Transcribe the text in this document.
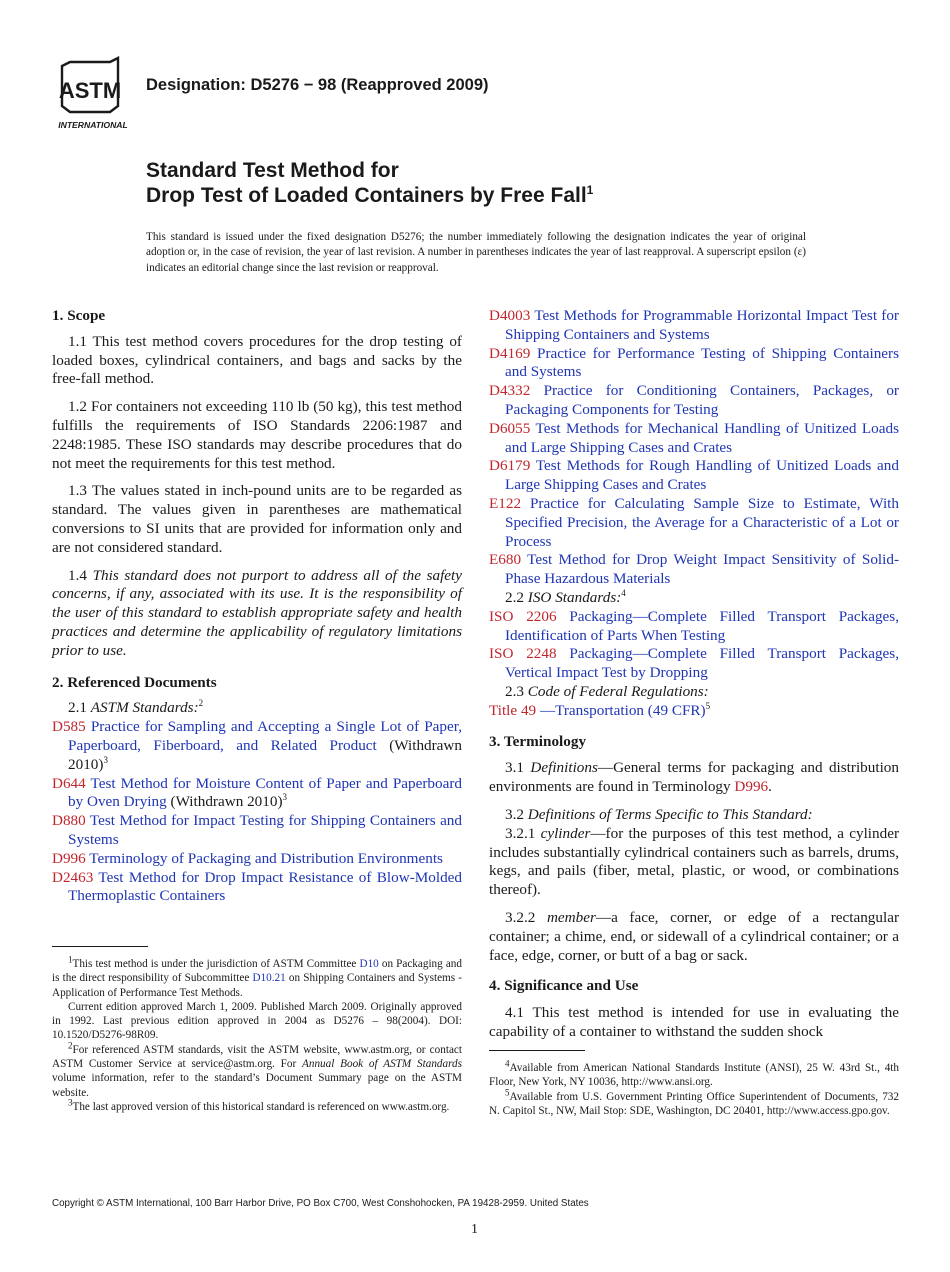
ASTM
INTERNATIONAL
Designation: D5276 − 98 (Reapproved 2009)
Standard Test Method for
Drop Test of Loaded Containers by Free Fall$^1$
This standard is issued under the fixed designation D5276; the number immediately following the designation indicates the year of original adoption or, in the case of revision, the year of last revision. A number in parentheses indicates the year of last reapproval. A superscript epsilon (ε) indicates an editorial change since the last revision or reapproval.

1. Scope

1.1 This test method covers procedures for the drop testing of loaded boxes, cylindrical containers, and bags and sacks by the free-fall method.

1.2 For containers not exceeding 110 lb (50 kg), this test method fulfills the requirements of ISO Standards 2206:1987 and 2248:1985. These ISO standards may describe procedures that do not meet the requirements for this test method.

1.3 The values stated in inch-pound units are to be regarded as standard. The values given in parentheses are mathematical conversions to SI units that are provided for information only and are not considered standard.

1.4 This standard does not purport to address all of the safety concerns, if any, associated with its use. It is the responsibility of the user of this standard to establish appropriate safety and health practices and determine the applicability of regulatory limitations prior to use.

2. Referenced Documents

2.1 ASTM Standards:$^2$
D585 Practice for Sampling and Accepting a Single Lot of Paper, Paperboard, Fiberboard, and Related Product (Withdrawn 2010)$^3$
D644 Test Method for Moisture Content of Paper and Paperboard by Oven Drying (Withdrawn 2010)$^3$
D880 Test Method for Impact Testing for Shipping Containers and Systems
D996 Terminology of Packaging and Distribution Environments
D2463 Test Method for Drop Impact Resistance of Blow-Molded Thermoplastic Containers

$^1$This test method is under the jurisdiction of ASTM Committee D10 on Packaging and is the direct responsibility of Subcommittee D10.21 on Shipping Containers and Systems - Application of Performance Test Methods.

Current edition approved March 1, 2009. Published March 2009. Originally approved in 1992. Last previous edition approved in 2004 as D5276 – 98(2004). DOI: 10.1520/D5276-98R09.

$^2$For referenced ASTM standards, visit the ASTM website, www.astm.org, or contact ASTM Customer Service at service@astm.org. For Annual Book of ASTM Standards volume information, refer to the standard’s Document Summary page on the ASTM website.

$^3$The last approved version of this historical standard is referenced on www.astm.org.

D4003 Test Methods for Programmable Horizontal Impact Test for Shipping Containers and Systems
D4169 Practice for Performance Testing of Shipping Containers and Systems
D4332 Practice for Conditioning Containers, Packages, or Packaging Components for Testing
D6055 Test Methods for Mechanical Handling of Unitized Loads and Large Shipping Cases and Crates
D6179 Test Methods for Rough Handling of Unitized Loads and Large Shipping Cases and Crates
E122 Practice for Calculating Sample Size to Estimate, With Specified Precision, the Average for a Characteristic of a Lot or Process
E680 Test Method for Drop Weight Impact Sensitivity of Solid-Phase Hazardous Materials
2.2 ISO Standards:$^4$
ISO 2206 Packaging—Complete Filled Transport Packages, Identification of Parts When Testing
ISO 2248 Packaging—Complete Filled Transport Packages, Vertical Impact Test by Dropping
2.3 Code of Federal Regulations:
Title 49 —Transportation (49 CFR)$^5$

3. Terminology

3.1 Definitions—General terms for packaging and distribution environments are found in Terminology D996.

3.2 Definitions of Terms Specific to This Standard:

3.2.1 cylinder—for the purposes of this test method, a cylinder includes substantially cylindrical containers such as barrels, drums, kegs, and pails (fiber, metal, plastic, or wood, or combinations thereof).

3.2.2 member—a face, corner, or edge of a rectangular container; a chime, end, or sidewall of a cylindrical container; or a face, edge, corner, or butt of a bag or sack.

4. Significance and Use

4.1 This test method is intended for use in evaluating the capability of a container to withstand the sudden shock

$^4$Available from American National Standards Institute (ANSI), 25 W. 43rd St., 4th Floor, New York, NY 10036, http://www.ansi.org.

$^5$Available from U.S. Government Printing Office Superintendent of Documents, 732 N. Capitol St., NW, Mail Stop: SDE, Washington, DC 20401, http://www.access.gpo.gov.

Copyright © ASTM International, 100 Barr Harbor Drive, PO Box C700, West Conshohocken, PA 19428-2959. United States
1
